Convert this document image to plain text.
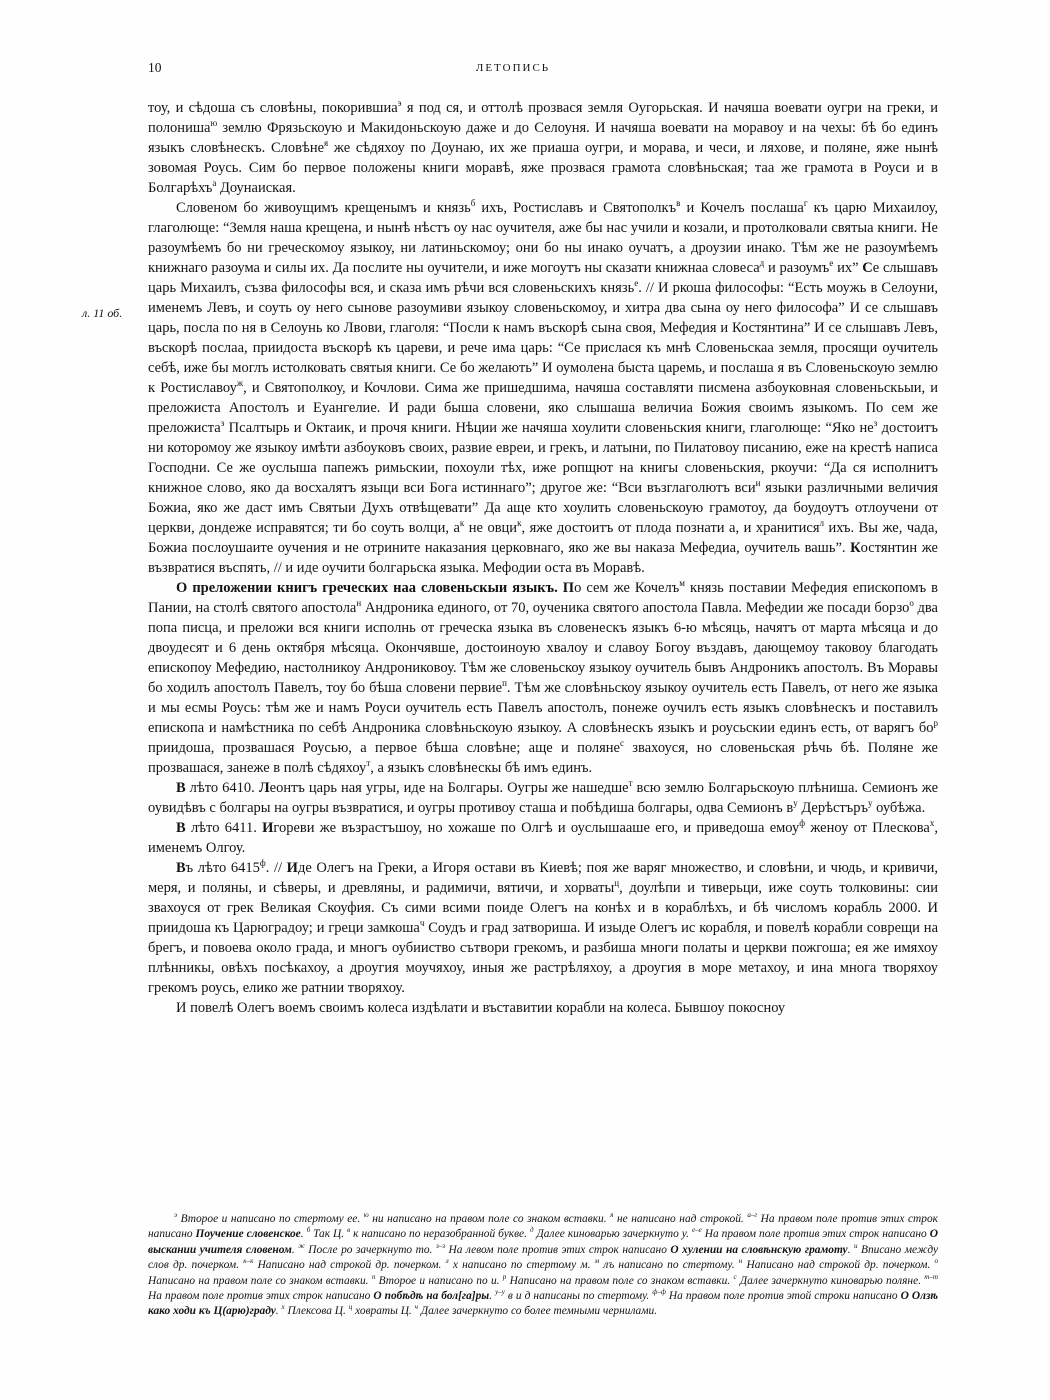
10	ЛЕТОПИСЬ
л. 11 об.

тоу, и сѣдоша съ словѣны, покорившиа$^э$ я под ся, и оттолѣ прозвася земля Оугорьская. И начяша воевати оугри на греки, и полониша$^ю$ землю Фрязьскоую и Макидоньскоую даже и до Селоуня. И начяша воевати на моравоу и на чехы: бѣ бо единъ языкъ словѣнескъ. Словѣне$^я$ же сѣдяхоу по Доунаю, их же приаша оугри, и морава, и чеси, и ляхове, и поляне, яже нынѣ зовомая Роусь. Сим бо первое положены книги моравѣ, яже прозвася грамота словѣньская; таа же грамота в Роуси и в Болгарѣхъ$^а$ Доунаиская.

Словеном бо живоущимъ крещенымъ и князь$^б$ ихъ, Ростиславъ и Святополкъ$^в$ и Кочелъ послаша$^г$ къ царю Михаилоу, глаголюще: “Земля наша крещена, и нынѣ нѣстъ оу нас оучителя, аже бы нас учили и козали, и протолковали святыа книги. Не разоумѣемъ бо ни греческомоу языкоу, ни латиньскомоу; они бо ны инако оучатъ, а дроузии инако. Тѣм же не разоумѣемъ книжнаго разоума и силы их. Да послите ны оучители, и иже могоутъ ны сказати книжнаа словеса$^д$ и разоумъ$^е$ их” Се слышавъ царь Михаилъ, съзва философы вся, и сказа имъ рѣчи вся словеньскихъ князь$^е$. // И ркоша философы: “Есть моужь в Селоуни, именемъ Левъ, и соуть оу него сынове разоумиви языкоу словеньскомоу, и хитра два сына оу него философа” И се слышавъ царь, посла по ня в Селоунь ко Лвови, глаголя: “Посли к намъ въскорѣ сына своя, Мефедия и Костянтина” И се слышавъ Левъ, въскорѣ послаа, приидоста въскорѣ къ цареви, и рече има царь: “Се прислася къ мнѣ Словеньскаа земля, просящи оучитель себѣ, иже бы моглъ истолковать святыя книги. Се бо желають” И оумолена быста царемь, и послаша я въ Словеньскоую землю к Ростиславоу$^ж$, и Святополкоу, и Кочлови. Сима же пришедшима, начяша составляти писмена азбоуковная словеньскьыи, и преложиста Апостолъ и Еуангелие. И ради быша словени, яко слышаша величиа Божия своимъ языкомъ. По сем же преложиста$^з$ Псалтырь и Октаик, и прочя книги. Нѣции же начяша хоулити словеньския книги, глаголюще: “Яко $не^з$ достоитъ ни которомоу же языкоу имѣти азбоуковъ своих, развие евреи, и грекъ, и латыни, по Пилатовоу писанию, еже на крестѣ написа Господни. Се же оуслыша папежъ римьскии, похоули тѣх, иже ропщют на книгы словеньския, ркоучи: “Да ся исполнитъ книжное слово, яко да восхалятъ языци вси Бога истиннаго”; другое же: “Вси възглаголютъ вси$^и$ языки различными величия Божиа, яко же даст имъ Святыи Духъ отвѣщевати” Да аще кто хоулить словеньскоую грамотоу, да боудоутъ отлоучени от церкви, дондеже исправятся; ти бо соуть волци, $а^к$ не овци$^к$, яже достоитъ от плода познати а, и хранитися$^л$ ихъ. Вы же, чада, Божиа послоушаите оучения и не отрините наказания церковнаго, яко же вы наказа Мефедиа, оучитель вашь”. Костянтин же възвратися въспять, // и иде оучити болгарьска языка. Мефодии оста въ Моравѣ.

О преложении книгъ греческих наа словеньскыи языкъ. По сем же Кочелъ$^м$ князь поставии Мефедия епископомъ в Пании, на столѣ святого апостола$^н$ Андроника единого, от 70, оученика святого апостола Павла. Мефедии же посади борзо$^о$ два попа писца, и преложи вся книги исполнь от греческа языка въ словенескъ языкъ 6-ю мѣсяць, начятъ от марта мѣсяца и до двоудесят и 6 день октября мѣсяца. Окончявше, достоиноую хвалоу и славоу Богоу въздавъ, дающемоу таковоу благодать епископоу Мефедию, настолникоу Андрониковоу. Тѣм же словеньскоу языкоу оучитель бывъ Андроникъ апостолъ. Въ Моравы бо ходилъ апостолъ Павелъ, тоу бо бѣша словени первие$^п$. Тѣм же словѣньскоу языкоу оучитель есть Павелъ, от него же языка и мы есмы Роусь: тѣм же и намъ Роуси оучитель есть Павелъ апостолъ, понеже оучилъ есть языкъ словѣнескъ и поставилъ епископа и намѣстника по себѣ Андроника словѣньскоую языкоу. А словѣнескъ языкъ и роусьскии единъ есть, от варягъ $бо^р$ приидоша, прозвашася Роусью, а первое бѣша словѣне; аще и поляне$^с$ звахоуся, но словеньская рѣчь бѣ. Поляне же прозвашася, занеже в полѣ сѣдяхоу$^т$, а языкъ словѣнескы бѣ имъ единъ.

В лѣто 6410. Леонтъ царь ная угры, иде на Болгары. Оугры же нашедше$^т$ всю землю Болгарьскоую плѣниша. Семионъ же оувидѣвъ с болгары на оугры възвратися, и оугры противоу сташа и побѣдиша болгары, одва Семионъ $в^у$ Дерѣстъръ$^у$ оубѣжа.

В лѣто 6411. Игореви же възрастъшоу, но хожаше по Олгѣ и оуслышааше его, и приведоша емоу$^ф$ женоу от Плескова$^х$, именемъ Олгоу.

Въ лѣто $6415^ф$. // Иде Олегъ на Греки, а Игоря остави въ Киевѣ; поя же варяг множество, и словѣни, и чюдь, и кривичи, меря, и поляны, и сѣверы, и древляны, и радимичи, вятичи, и хорваты$^ц$, доулѣпи и тиверьци, иже соуть толковины: сии звахоуся от грек Великая Скоуфия. Съ сими всими поиде Олегъ на конѣх и в кораблѣхъ, и бѣ числомъ корабль 2000. И приидоша къ Царюградоу; и греци замкоша$^ч$ Соудъ и град затвориша. И изыде Олегъ ис корабля, и повелѣ корабли соврещи на брегъ, и повоева около града, и многъ оубииство сътвори грекомъ, и разбиша многи полаты и церкви пожгоша; ея же имяхоу плѣнникы, овѣхъ посѣкахоу, а дроугия моучяхоу, иныя же растрѣляхоу, а дроугия в море метахоу, и ина многа творяхоу грекомъ роусь, елико же ратнии творяхоу.

И повелѣ Олегъ воемъ своимъ колеса издѣлати и въставитии корабли на колеса. Бывшоу покосноу

$^э$ Второе и написано по стертому ее. $^ю$ ни написано на правом поле со знаком вставки. $^я$ не написано над строкой. $^{а-г}$ На правом поле против этих строк написано Поучение словенское. $^б$ Так Ц. $^в$ к написано по неразобранной букве. $^д$ Далее киноварью зачеркнуто у. $^{е-е}$ На правом поле против этих строк написано О выскании учителя словеном. $^ж$ После ро зачеркнуто то. $^{з-з}$ На левом поле против этих строк написано О хулении на словѣнскую грамоту. $^и$ Вписано между слов др. почерком. $^{к-к}$ Написано над строкой др. почерком. $^л$ х написано по стертому м. $^м$ лъ написано по стертому. $^н$ Написано над строкой др. почерком. $^о$ Написано на правом поле со знаком вставки. $^п$ Второе и написано по и. $^р$ Написано на правом поле со знаком вставки. $^с$ Далее зачеркнуто киноварью поляне. $^{т-т}$ На правом поле против этих строк написано О побѣдѣ на бол[га]ры. $^{у-у}$ в и д написаны по стертому. $^{ф-ф}$ На правом поле против этой строки написано О Олзѣ како ходи къ Ц(арю)граду. $^х$ Плексова Ц. $^ц$ ховраты Ц. $^ч$ Далее зачеркнуто со более темными чернилами.
